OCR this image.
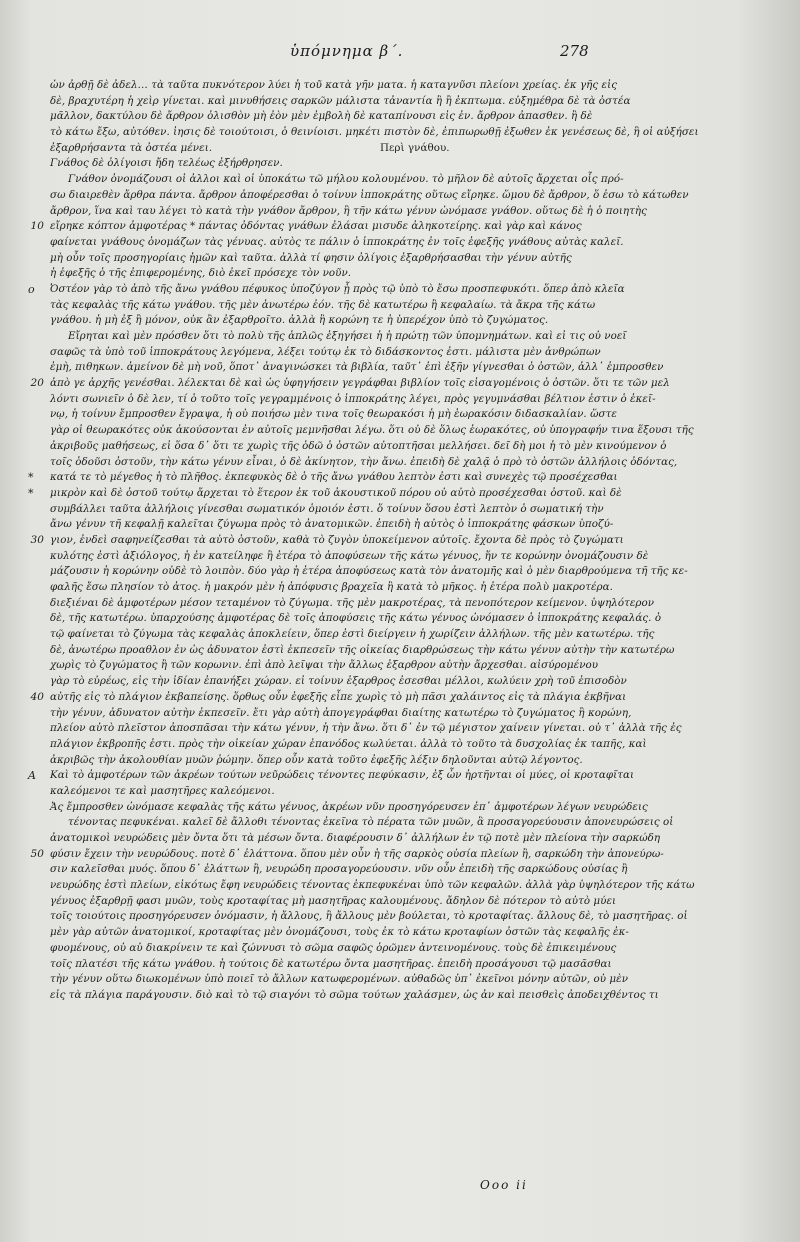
ὑπόμνημα β΄.	278
ὡν ἀρθῇ δὲ ἀδελ… τὰ ταῦτα πυκνότερον λύει ἡ τοῦ κατὰ γῆν ματα. ἡ καταγνῦσι πλείονι χρείας. ἐκ γῆς εἰς
δὲ, βραχυτέρη ἡ χεὶρ γίνεται. καὶ μινυθήσεις σαρκῶν μάλιστα τἀναντία ἢ ἢ ἐκπτωμα. εὐξημέθρα δὲ τὰ ὀστέα
μᾶλλον, δακτύλου δὲ ἄρθρον ὀλισθὸν μὴ ἐὸν μὲν ἐμβολὴ δὲ καταπίνουσι εἰς ἐν. ἄρθρον ἀπασθεν. ἢ δὲ
τὸ κάτω ἔξω, αὐτόθεν. ἰησις δὲ τοιούτοισι, ὁ θεινίοισι. μηκέτι πιστὸν δὲ, ἐπιπωρωθῇ ἐξωθεν ἐκ γενέσεως δὲ, ἣ οἱ αὐξήσει
ἐξαρθρήσαντα τὰ ὀστέα μένει.	Περὶ γνάθου.
Γνάθος δὲ ὀλίγοισι ἤδη τελέως ἐξήρθρησεν.
Γνάθον ὀνομάζουσι οἱ ἀλλοι καὶ οἱ ὑποκάτω τῶ μήλου κολουμένου. τὸ μῆλον δὲ αὐτοῖς ἄρχεται οἷς πρό-
σω διαιρεθὲν ἄρθρα πάντα. ἄρθρον ἀποφέρεσθαι ὁ τοίνυν ἱπποκράτης οὕτως εἴρηκε. ὥμου δὲ ἄρθρον, ὅ ἐσω τὸ κάτωθεν
ἄρθρον, ἵνα καὶ ταυ λέγει τὸ κατὰ τὴν γνάθον ἄρθρον, ἣ τῆν κάτω γένυν ὠνόμασε γνάθον. οὕτως δὲ ἡ ὁ ποιητὴς
εἴρηκε κόπτον ἀμφοτέρας * πάντας ὀδόντας γνάθων ἐλάσαι μισυδε ἀληκοτείρης. καὶ γὰρ καὶ κάνος
10
φαίνεται γνάθους ὀνομάζων τὰς γένυας. αὐτὸς τε πάλιν ὁ ἱπποκράτης ἐν τοῖς ἐφεξῆς γνάθους αὐτὰς καλεῖ.
μὴ οὖν τοῖς προσηγορίαις ἡμῶν καὶ ταῦτα. ἀλλὰ τί φησιν ὀλίγοις ἐξαρθρήσασθαι τὴν γένυν αὐτῆς
ἡ ἐφεξῆς ὁ τῆς ἐπιφερομένης, διὸ ἐκεῖ πρόσεχε τὸν νοῦν.
Ὀστέον γὰρ τὸ ἀπὸ τῆς ἄνω γνάθου πέφυκος ὑποζύγον ᾗ πρὸς τῷ ὑπὸ τὸ ἔσω προσπεφυκότι. ὅπερ ἀπὸ κλεῖα
o
τὰς κεφαλὰς τῆς κάτω γνάθου. τῆς μὲν ἀνωτέρω ἐόν. τῆς δὲ κατωτέρω ἢ κεφαλαίω. τὰ ἄκρα τῆς κάτω
γνάθου. ἡ μὴ ἐξ ἢ μόνον, οὐκ ἂν ἐξαρθροῖτο. ἀλλὰ ἢ κορώνη τε ἡ ὑπερέχον ὑπὸ τὸ ζυγώματος.
Εἴρηται καὶ μὲν πρόσθεν ὅτι τὸ πολὺ τῆς ἁπλῶς ἐξηγήσει ἡ ἡ πρώτῃ τῶν ὑπομνημάτων. καὶ εἰ τις οὐ νοεῖ
σαφῶς τὰ ὑπὸ τοῦ ἱπποκράτους λεγόμενα, λέξει τούτῳ ἐκ τὸ διδάσκοντος ἐστι. μάλιστα μὲν ἀνθρώπων
ἐμὴ, πιθηκων. ἀμείνον δὲ μὴ νοῦ, ὅποτ᾽ ἀναγινώσκει τὰ βιβλία, ταῦτ᾽ ἐπὶ ἐξῆν γίγνεσθαι ὁ ὀστῶν, ἀλλ᾽ ἐμπροσθεν
ἀπὸ γε ἀρχῆς γενέσθαι. λέλεκται δὲ καὶ ὡς ὑφηγήσειν γεγράφθαι βιβλίον τοῖς εἰσαγομένοις ὁ ὀστῶν. ὅτι τε τῶν μελ
20
λόντι σωνιεῖν ὁ δὲ λεν, τί ὁ τοῦτο τοῖς γεγραμμένοις ὁ ἱπποκράτης λέγει, πρὸς γεγυμνάσθαι βέλτιον ἐστιν ὁ ἐκεῖ-
νῳ, ἡ τοίνυν ἔμπροσθεν ἔγραψα, ἡ οὐ ποιήσω μὲν τινα τοῖς θεωρακόσι ἡ μὴ ἑωρακόσιν διδασκαλίαν. ὥστε
γὰρ οἱ θεωρακότες οὐκ ἀκούσονται ἐν αὐτοῖς μεμνῆσθαι λέγω. ὅτι οὐ δὲ ὅλως ἑωρακότες, οὐ ὑπογραφήν τινα ἕξουσι τῆς
ἀκριβοῦς μαθήσεως, εἰ ὅσα δ᾽ ὅτι τε χωρὶς τῆς ὁδῶ ὁ ὀστῶν αὐτοπτῆσαι μελλήσει. δεῖ δὴ μοι ἡ τὸ μὲν κινούμενον ὁ
τοῖς ὁδοῦσι ὀστοῦν, τὴν κάτω γένυν εἶναι, ὁ δὲ ἀκίνητον, τὴν ἄνω. ἐπειδὴ δὲ χαλᾷ ὁ πρὸ τὸ ὀστῶν ἀλλήλοις ὀδόντας,
κατά τε τὸ μέγεθος ἡ τὸ πλῆθος. ἐκπεφυκὸς δὲ ὁ τῆς ἄνω γνάθου λεπτὸν ἐστι καὶ συνεχὲς τῷ προσέχεσθαι
*
μικρὸν καὶ δὲ ὀστοῦ τούτῳ ἄρχεται τὸ ἕτερον ἐκ τοῦ ἀκουστικοῦ πόρου οὐ αὐτὸ προσέχεσθαι ὀστοῦ. καὶ δὲ
*
συμβάλλει ταῦτα ἀλλήλοις γίνεσθαι σωματικόν ὁμοιόν ἐστι. ὅ τοίνυν ὅσου ἐστὶ λεπτὸν ὁ σωματική τὴν
ἄνω γένυν τῆ κεφαλῇ καλεῖται ζύγωμα πρὸς τὸ ἀνατομικῶν. ἐπειδὴ ἡ αὐτὸς ὁ ἱπποκράτης φάσκων ὑποζύ-
γιον, ἐνδεὶ σαφηνείζεσθαι τὰ αὐτὸ ὁστοῦν, καθὰ τὸ ζυγὸν ὑποκείμενον αὐτοῖς. ἔχοντα δὲ πρὸς τὸ ζυγώματι
30
κυλότης ἐστὶ ἀξιόλογος, ἡ ἐν κατείληφε ἢ ἑτέρα τὸ ἀποφύσεων τῆς κάτω γένυος, ἥν τε κορώνην ὀνομάζουσιν δὲ
μάζουσιν ἡ κορώνην οὐδὲ τὸ λοιπὸν. δύο γὰρ ἡ ἑτέρα ἀποφύσεως κατὰ τὸν ἀνατομῆς καὶ ὁ μὲν διαρθρούμενα τῆ τῆς κε-
φαλῆς ἔσω πλησίον τὸ ἀτος. ἡ μακρόν μὲν ἡ ἀπόφυσις βραχεῖα ἢ κατὰ τὸ μῆκος. ἡ ἑτέρα πολὺ μακροτέρα.
διεξιέναι δὲ ἀμφοτέρων μέσον τεταμένον τὸ ζύγωμα. τῆς μὲν μακροτέρας, τὰ πενοπότερον κείμενον. ὑψηλότερον
δὲ, τῆς κατωτέρω. ὑπαρχούσης ἀμφοτέρας δὲ τοῖς ἀποφύσεις τῆς κάτω γένυος ὠνόμασεν ὁ ἱπποκράτης κεφαλάς. ὁ
τῷ φαίνεται τὸ ζύγωμα τὰς κεφαλὰς ἀποκλείειν, ὅπερ ἐστὶ διείργειν ἡ χωρίζειν ἀλλήλων. τῆς μὲν κατωτέρω. τῆς
δὲ, ἀνωτέρω προαθλον ἐν ὡς ἀδυνατον ἐστὶ ἐκπεσεῖν τῆς οἰκείας διαρθρώσεως τὴν κάτω γένυν αὐτὴν τὴν κατωτέρω
χωρὶς τὸ ζυγώματος ἢ τῶν κορωνιν. ἐπὶ ἀπὸ λεῖψαι τὴν ἄλλως ἐξαρθρον αὐτὴν ἄρχεσθαι. αἰσύρομένου
γὰρ τὸ εὐρέως, εἰς τὴν ἰδίαν ἐπανήξει χώραν. εἰ τοίνυν ἐξαρθρος ἐσεσθαι μέλλοι, κωλύειν χρὴ τοῦ ἐπισοδὸν
αὐτῆς εἰς τὸ πλάγιον ἐκβαπείσης. ὅρθως οὖν ἐφεξῆς εἶπε χωρὶς τὸ μὴ πᾶσι χαλάιντος εἰς τὰ πλάγια ἐκβῆναι
40
τὴν γένυν, ἀδυνατον αὐτὴν ἐκπεσεῖν. ἔτι γὰρ αὐτὴ ἀπογεγράφθαι διαίτης κατωτέρω τὸ ζυγώματος ἢ κορώνη,
πλείον αὐτὸ πλεῖστον ἀποσπᾶσαι τὴν κάτω γένυν, ἡ τὴν ἄνω. ὅτι δ᾽ ἐν τῷ μέγιστον χαίνειν γίνεται. οὐ τ᾽ ἀλλὰ τῆς ἐς
πλάγιον ἐκβροπῆς ἐστι. πρὸς τὴν οἰκείαν χώραν ἐπανόδος κωλύεται. ἀλλὰ τὸ τοῦτο τὰ δυσχολίας ἐκ ταπῆς, καὶ
ἀκριβῶς τὴν ἀκολουθίαν μυῶν ῥώμην. ὅπερ οὖν κατὰ τοῦτο ἐφεξῆς λέξιν δηλοῦνται αὐτῷ λέγοντος.
Καὶ τὸ ἀμφοτέρων τῶν ἀκρέων τούτων νεῦρώδεις τένοντες πεφύκασιν, ἐξ ὧν ἠρτῆνται οἱ μύες, οἱ κροταφῖται
A
καλεόμενοι τε καὶ μασητῆρες καλεόμενοι.
Ἀς ἔμπροσθεν ὠνόμασε κεφαλὰς τῆς κάτω γένυος, ἀκρέων νῦν προσηγόρευσεν ἐπ᾽ ἀμφοτέρων λέγων νευρώδεις
τένοντας πεφυκέναι. καλεῖ δὲ ἄλλοθι τένοντας ἐκεῖνα τὸ πέρατα τῶν μυῶν, ἃ προσαγορεύουσιν ἀπονευρώσεις οἱ
ἀνατομικοὶ νευρώδεις μὲν ὄντα ὅτι τὰ μέσων ὄντα. διαφέρουσιν δ᾽ ἀλλήλων ἐν τῷ ποτὲ μὲν πλείονα τὴν σαρκώδη
φύσιν ἔχειν τὴν νευρώδους. ποτὲ δ᾽ ἐλάττονα. ὅπου μὲν οὖν ἡ τῆς σαρκὸς οὐσία πλείων ἢ, σαρκώδη τὴν ἀπονεύρω-
50
σιν καλεῖσθαι μυός. ὅπου δ᾽ ἐλάττων ἢ, νευρώδη προσαγορεύουσιν. νῦν οὖν ἐπειδὴ τῆς σαρκώδους οὐσίας ἢ
νευρώδης ἐστὶ πλείων, εἰκότως ἔφη νευρώδεις τένοντας ἐκπεφυκέναι ὑπὸ τῶν κεφαλῶν. ἀλλὰ γὰρ ὑψηλότερον τῆς κάτω
γένυος ἐξαρθρῇ φασι μυῶν, τοὺς κροταφίτας μὴ μασητῆρας καλουμένους. ἄδηλον δὲ πότερον τὸ αὐτὸ μύει
τοῖς τοιούτοις προσηγόρευσεν ὀνόμασιν, ἡ ἄλλους, ἢ ἄλλους μὲν βούλεται, τὸ κροταφίτας. ἄλλους δὲ, τὸ μασητῆρας. οἱ
μὲν γὰρ αὐτῶν ἀνατομικοί, κροταφίτας μὲν ὀνομάζουσι, τοὺς ἐκ τὸ κάτω κροταφίων ὀστῶν τὰς κεφαλῆς ἐκ-
φυομένους, οὐ αὐ διακρίνειν τε καὶ ζώννυσι τὸ σῶμα σαφῶς ὁρῶμεν ἀντεινομένους. τοὺς δὲ ἐπικειμένους
τοῖς πλατέσι τῆς κάτω γνάθου. ἡ τούτοις δὲ κατωτέρω ὄντα μασητῆρας. ἐπειδὴ προσάγουσι τῷ μασᾶσθαι
τὴν γένυν οὕτω διωκομένων ὑπὸ ποιεῖ τὸ ἄλλων κατωφερομένων. αὐθαδῶς ὑπ᾽ ἐκεῖνοι μόνην αὐτῶν, οὐ μὲν
εἰς τὰ πλάγια παράγουσιν. διὸ καὶ τὸ τῷ σιαγόνι τὸ σῶμα τούτων χαλάσμεν, ὡς ἀν καὶ πεισθεὶς ἀποδειχθέντος τι
Ooo ii
